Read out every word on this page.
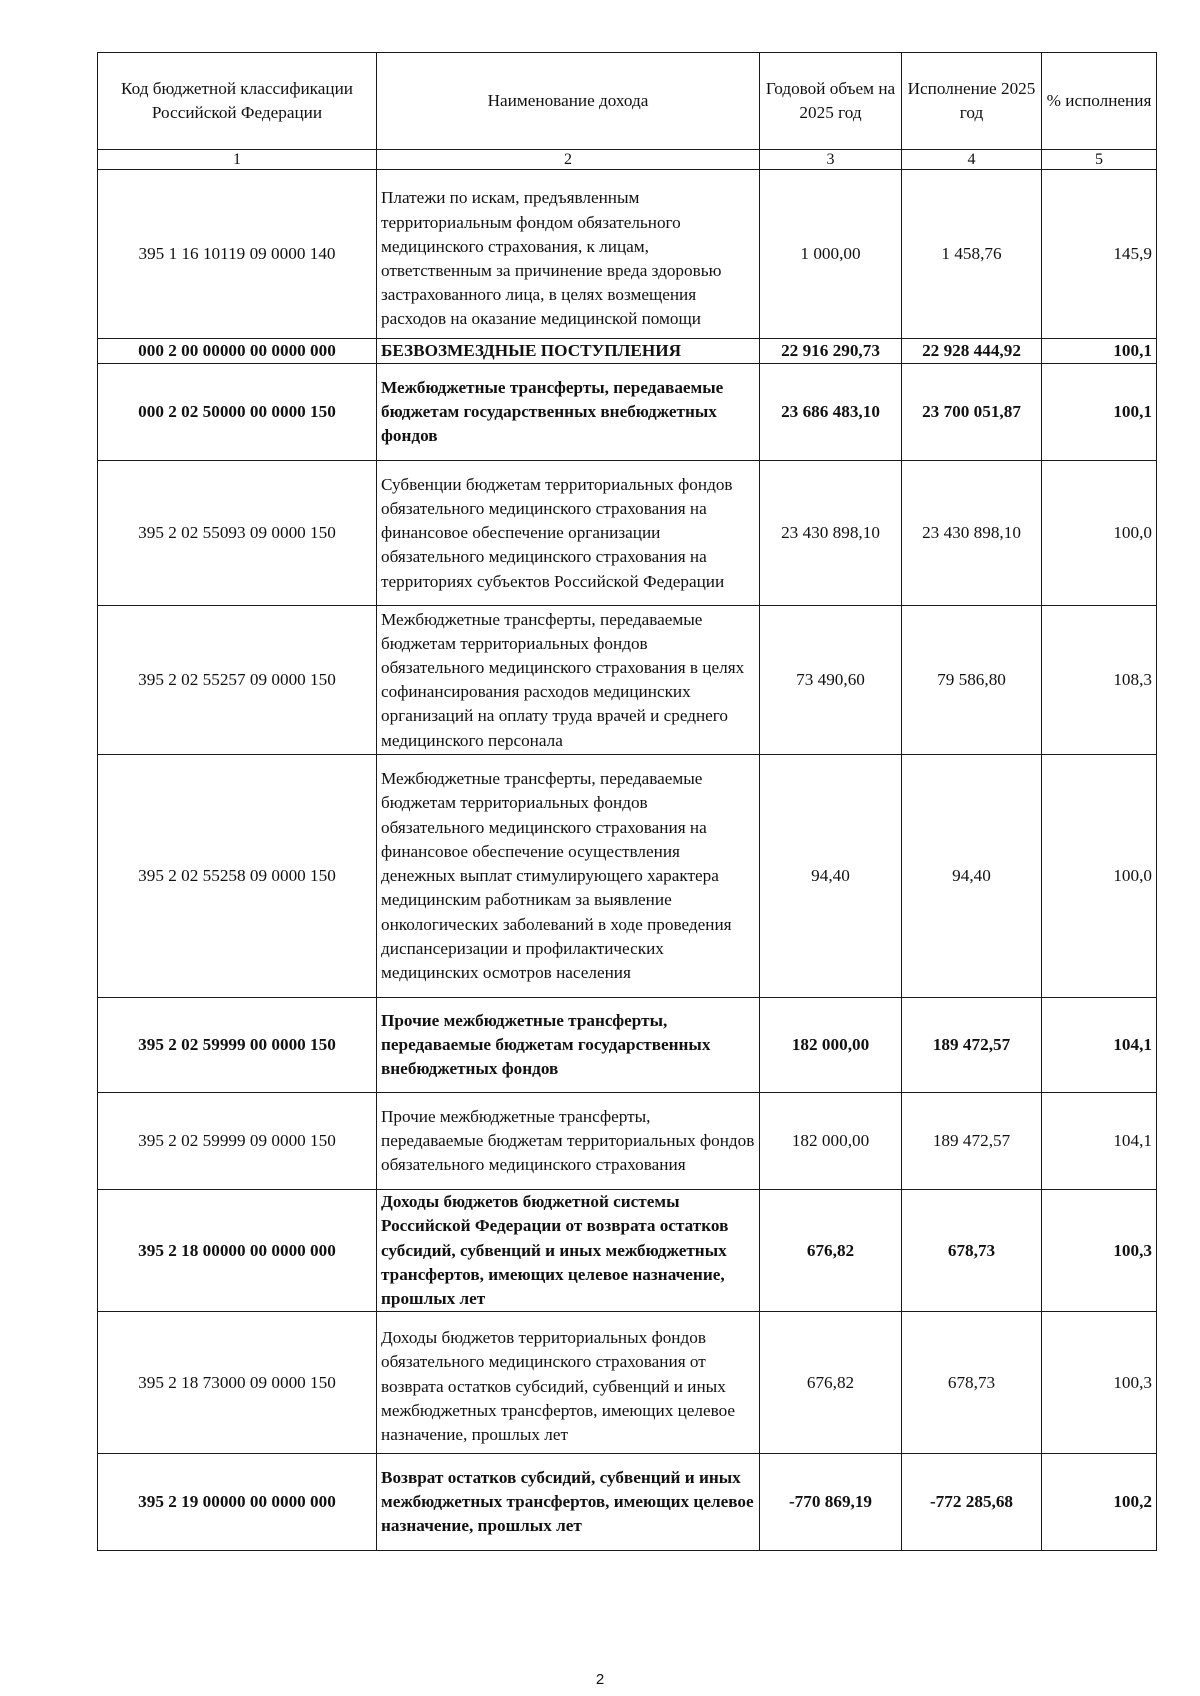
Код бюджетной классификации Российской Федерации	Наименование дохода	Годовой объем на 2025 год	Исполнение 2025 год	% исполнения
1	2	3	4	5
395 1 16 10119 09 0000 140	Платежи по искам, предъявленным территориальным фондом обязательного медицинского страхования, к лицам, ответственным за причинение вреда здоровью застрахованного лица, в целях возмещения расходов на оказание медицинской помощи	1 000,00	1 458,76	145,9
000 2 00 00000 00 0000 000	БЕЗВОЗМЕЗДНЫЕ ПОСТУПЛЕНИЯ	22 916 290,73	22 928 444,92	100,1
000 2 02 50000 00 0000 150	Межбюджетные трансферты, передаваемые бюджетам государственных внебюджетных фондов	23 686 483,10	23 700 051,87	100,1
395 2 02 55093 09 0000 150	Субвенции бюджетам территориальных фондов обязательного медицинского страхования на финансовое обеспечение организации обязательного медицинского страхования на территориях субъектов Российской Федерации	23 430 898,10	23 430 898,10	100,0
395 2 02 55257 09 0000 150	Межбюджетные трансферты, передаваемые бюджетам территориальных фондов обязательного медицинского страхования в целях софинансирования расходов медицинских организаций на оплату труда врачей и среднего медицинского персонала	73 490,60	79 586,80	108,3
395 2 02 55258 09 0000 150	Межбюджетные трансферты, передаваемые бюджетам территориальных фондов обязательного медицинского страхования на финансовое обеспечение осуществления денежных выплат стимулирующего характера медицинским работникам за выявление онкологических заболеваний в ходе проведения диспансеризации и профилактических медицинских осмотров населения	94,40	94,40	100,0
395 2 02 59999 00 0000 150	Прочие межбюджетные трансферты, передаваемые бюджетам государственных внебюджетных фондов	182 000,00	189 472,57	104,1
395 2 02 59999 09 0000 150	Прочие межбюджетные трансферты, передаваемые бюджетам территориальных фондов обязательного медицинского страхования	182 000,00	189 472,57	104,1
395 2 18 00000 00 0000 000	Доходы бюджетов бюджетной системы Российской Федерации от возврата остатков субсидий, субвенций и иных межбюджетных трансфертов, имеющих целевое назначение, прошлых лет	676,82	678,73	100,3
395 2 18 73000 09 0000 150	Доходы бюджетов территориальных фондов обязательного медицинского страхования от возврата остатков субсидий, субвенций и иных межбюджетных трансфертов, имеющих целевое назначение, прошлых лет	676,82	678,73	100,3
395 2 19 00000 00 0000 000	Возврат остатков субсидий, субвенций и иных межбюджетных трансфертов, имеющих целевое назначение, прошлых лет	-770 869,19	-772 285,68	100,2
2
